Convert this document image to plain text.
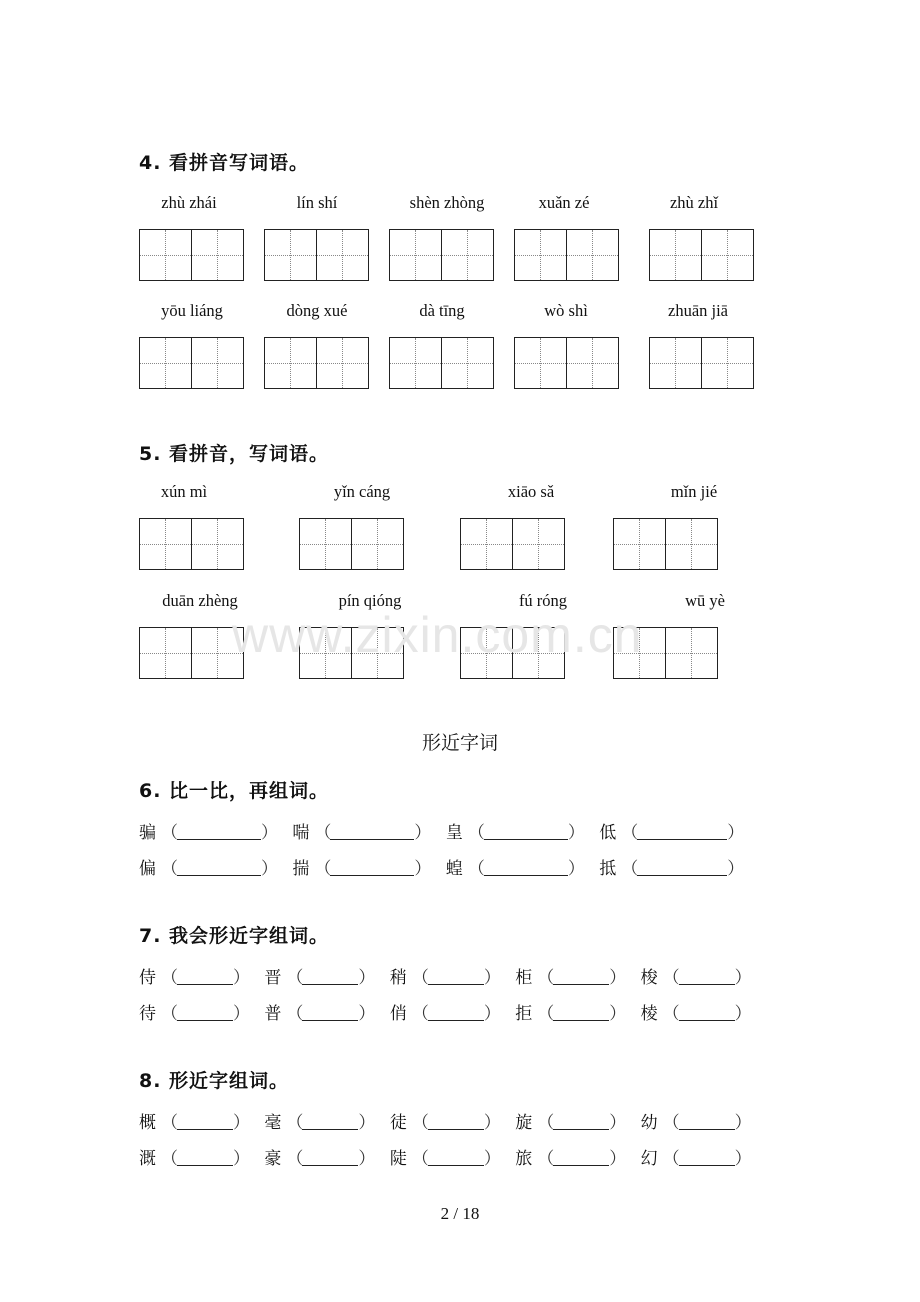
4. 看拼音写词语。
zhù zhái	lín shí	shèn zhòng	xuǎn zé	zhù zhǐ
yōu liáng	dòng xué	dà tīng	wò shì	zhuān jiā
5. 看拼音，写词语。
xún mì	yǐn cáng	xiāo sǎ	mǐn jié
duān zhèng	pín qióng	fú róng	wū yè
www.zixin.com.cn
形近字词
6. 比一比，再组词。
骗 （	） 喘 （	） 皇 （	） 低 （	）
偏 （	） 揣 （	） 蝗 （	） 抵 （	）
7. 我会形近字组词。
侍 （	） 晋 （	） 稍 （	） 柜 （	） 梭 （	）
待 （	） 普 （	） 俏 （	） 拒 （	） 棱 （	）
8. 形近字组词。
概 （	） 毫 （	） 徒 （	） 旋 （	） 幼 （	）
溉 （	） 豪 （	） 陡 （	） 旅 （	） 幻 （	）
2 / 18
